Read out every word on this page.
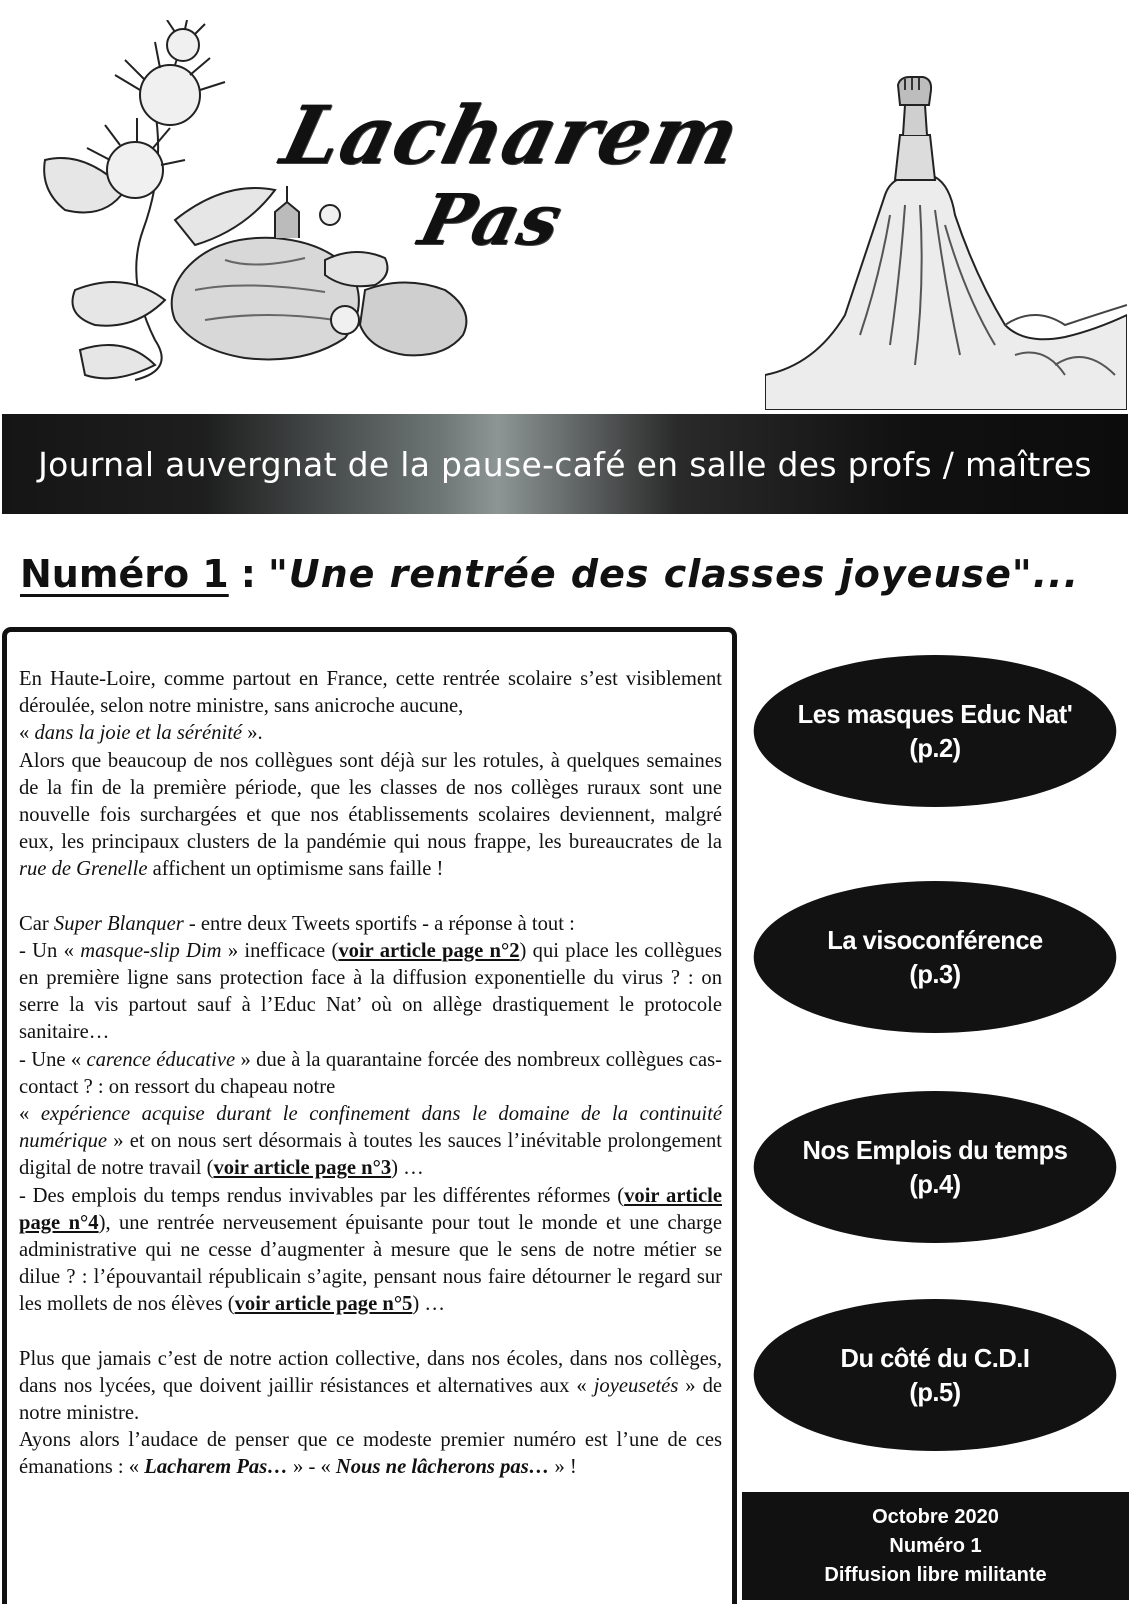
Lacharem
Pas
Journal auvergnat de la pause-café en salle des profs / maîtres
Numéro 1 : "Une rentrée des classes joyeuse"...

En Haute-Loire, comme partout en France, cette rentrée scolaire s’est visiblement déroulée, selon notre ministre, sans anicroche aucune,
« dans la joie et la sérénité ».

Alors que beaucoup de nos collègues sont déjà sur les rotules, à quelques semaines de la fin de la première période, que les classes de nos collèges ruraux sont une nouvelle fois surchargées et que nos établissements scolaires deviennent, malgré eux, les principaux clusters de la pandémie qui nous frappe, les bureaucrates de la rue de Grenelle affichent un optimisme sans faille !

Car Super Blanquer - entre deux Tweets sportifs - a réponse à tout :

- Un « masque-slip Dim » inefficace (voir article page n°2) qui place les collègues en première ligne sans protection face à la diffusion exponentielle du virus ? : on serre la vis partout sauf à l’Educ Nat’ où on allège drastiquement le protocole sanitaire…

- Une « carence éducative » due à la quarantaine forcée des nombreux collègues cas-contact ? : on ressort du chapeau notre

« expérience acquise durant le confinement dans le domaine de la continuité numérique » et on nous sert désormais à toutes les sauces l’inévitable prolongement digital de notre travail (voir article page n°3) …

- Des emplois du temps rendus invivables par les différentes réformes (voir article page n°4), une rentrée nerveusement épuisante pour tout le monde et une charge administrative qui ne cesse d’augmenter à mesure que le sens de notre métier se dilue ? : l’épouvantail républicain s’agite, pensant nous faire détourner le regard sur les mollets de nos élèves (voir article page n°5) …

Plus que jamais c’est de notre action collective, dans nos écoles, dans nos collèges, dans nos lycées, que doivent jaillir résistances et alternatives aux « joyeusetés » de notre ministre.

Ayons alors l’audace de penser que ce modeste premier numéro est l’une de ces émanations : « Lacharem Pas… » - « Nous ne lâcherons pas… » !

Les masques Educ Nat'
(p.2)
La visoconférence
(p.3)
Nos Emplois du temps
(p.4)
Du côté du C.D.I
(p.5)
Octobre 2020
Numéro 1
Diffusion libre militante
